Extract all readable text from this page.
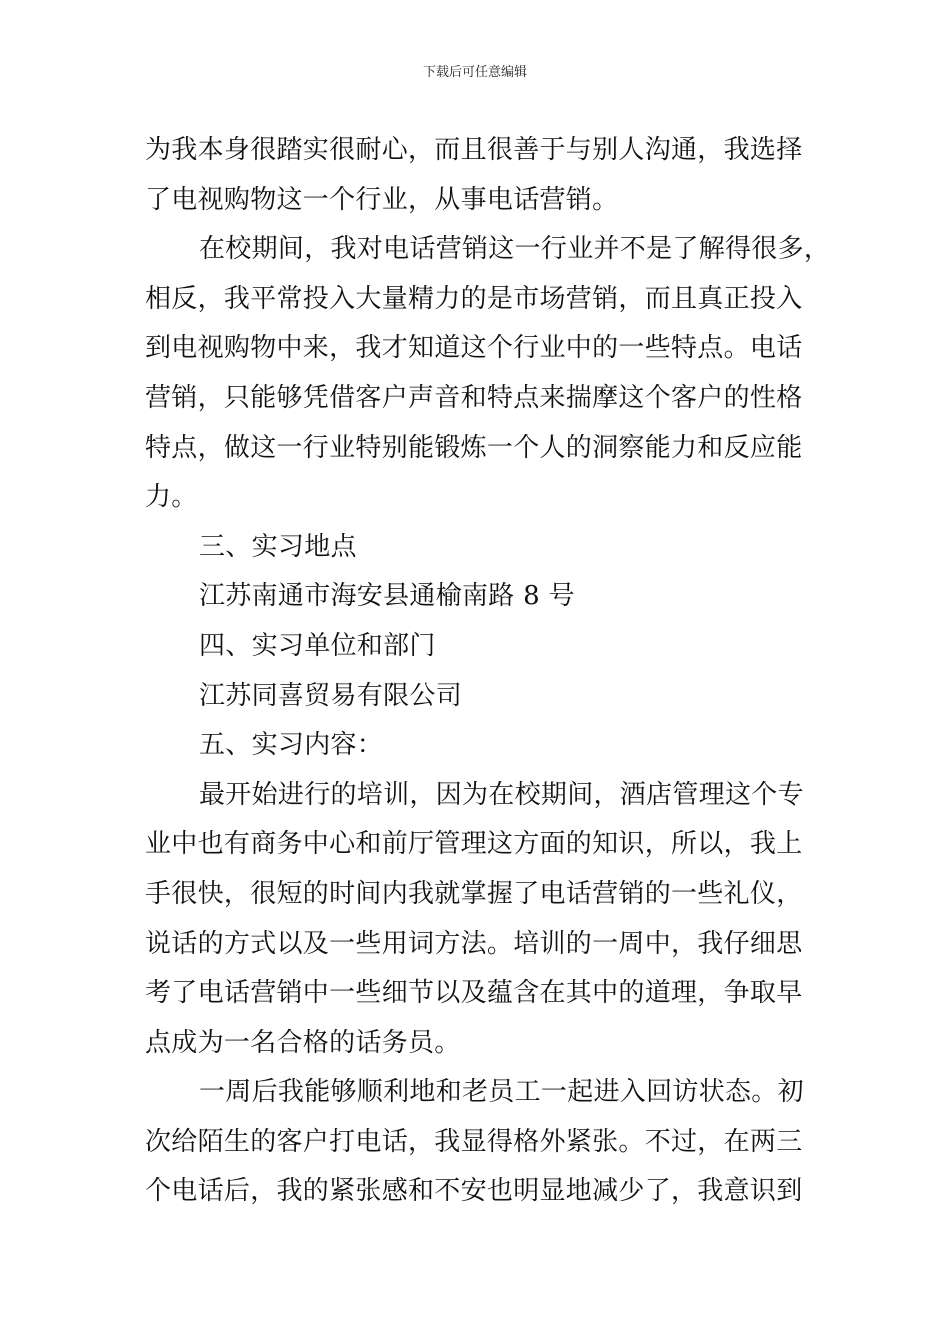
下载后可任意编辑
为我本身很踏实很耐心，而且很善于与别人沟通，我选择
了电视购物这一个行业，从事电话营销。
在校期间，我对电话营销这一行业并不是了解得很多，
相反，我平常投入大量精力的是市场营销，而且真正投入
到电视购物中来，我才知道这个行业中的一些特点。电话
营销，只能够凭借客户声音和特点来揣摩这个客户的性格
特点，做这一行业特别能锻炼一个人的洞察能力和反应能
力。
三、实习地点
江苏南通市海安县通榆南路 8 号
四、实习单位和部门
江苏同喜贸易有限公司
五、实习内容：
最开始进行的培训，因为在校期间，酒店管理这个专
业中也有商务中心和前厅管理这方面的知识，所以，我上
手很快，很短的时间内我就掌握了电话营销的一些礼仪，
说话的方式以及一些用词方法。培训的一周中，我仔细思
考了电话营销中一些细节以及蕴含在其中的道理，争取早
点成为一名合格的话务员。
一周后我能够顺利地和老员工一起进入回访状态。初
次给陌生的客户打电话，我显得格外紧张。不过，在两三
个电话后，我的紧张感和不安也明显地减少了，我意识到
